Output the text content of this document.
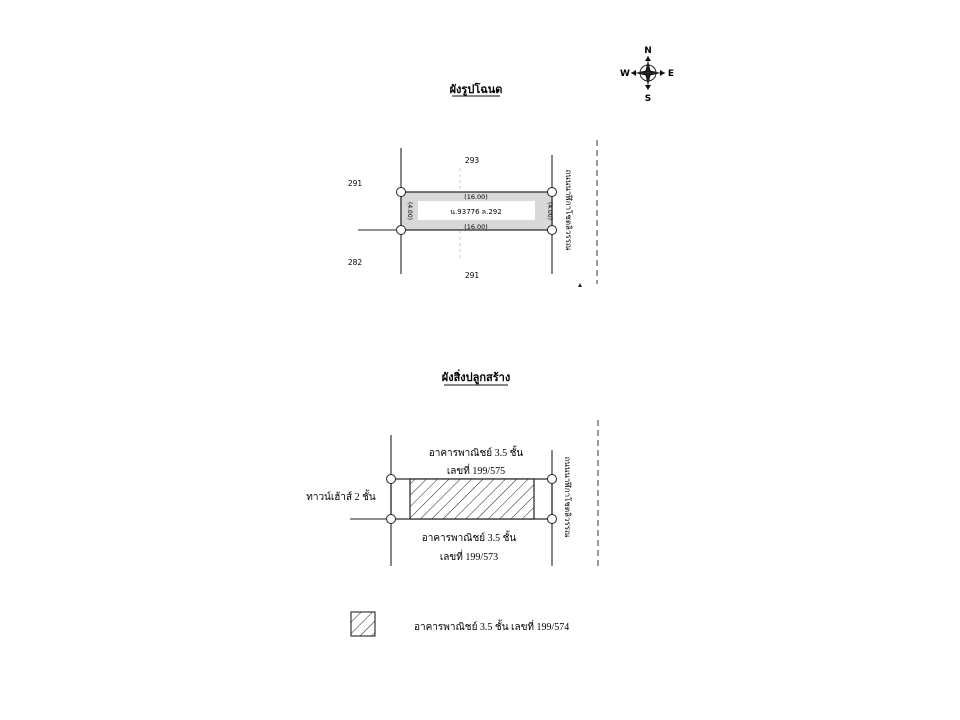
N
S
W	E
ผังรูปโฉนด
น.93776 ล.292
(16.00)
(16.00)
(4.00)	(4.00)
293
291
291
282
ถนนนาฬิกาโชตลิวรรณ
ผังสิ่งปลูกสร้าง
อาคารพาณิชย์ 3.5 ชั้น
เลขที่ 199/575
อาคารพาณิชย์ 3.5 ชั้น
เลขที่ 199/573
ทาวน์เฮ้าส์ 2 ชั้น	ถนนนาฬิกาโชตลิวรรณ
อาคารพาณิชย์ 3.5 ชั้น เลขที่ 199/574
